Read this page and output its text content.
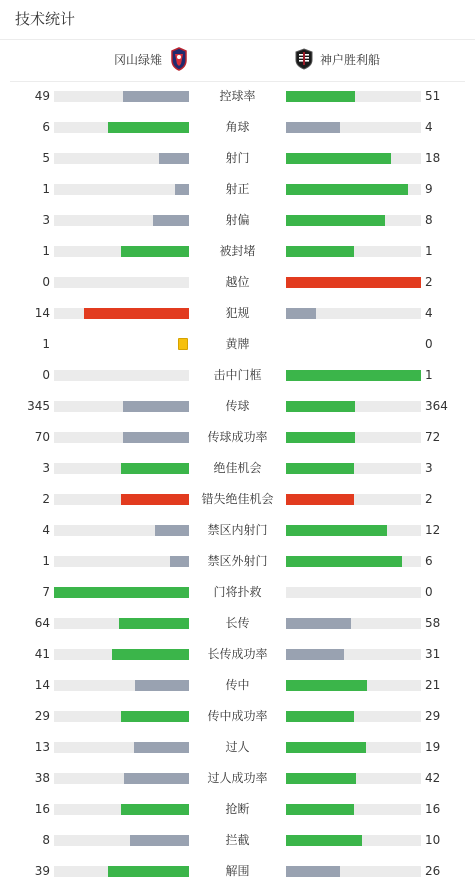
技术统计
冈山绿雉	神户胜利船
49	控球率	51
6	角球	4
5	射门	18
1	射正	9
3	射偏	8
1	被封堵	1
0	越位	2
14	犯规	4
1	黄牌	0
0	击中门框	1
345	传球	364
70	传球成功率	72
3	绝佳机会	3
2	错失绝佳机会	2
4	禁区内射门	12
1	禁区外射门	6
7	门将扑救	0
64	长传	58
41	长传成功率	31
14	传中	21
29	传中成功率	29
13	过人	19
38	过人成功率	42
16	抢断	16
8	拦截	10
39	解围	26
